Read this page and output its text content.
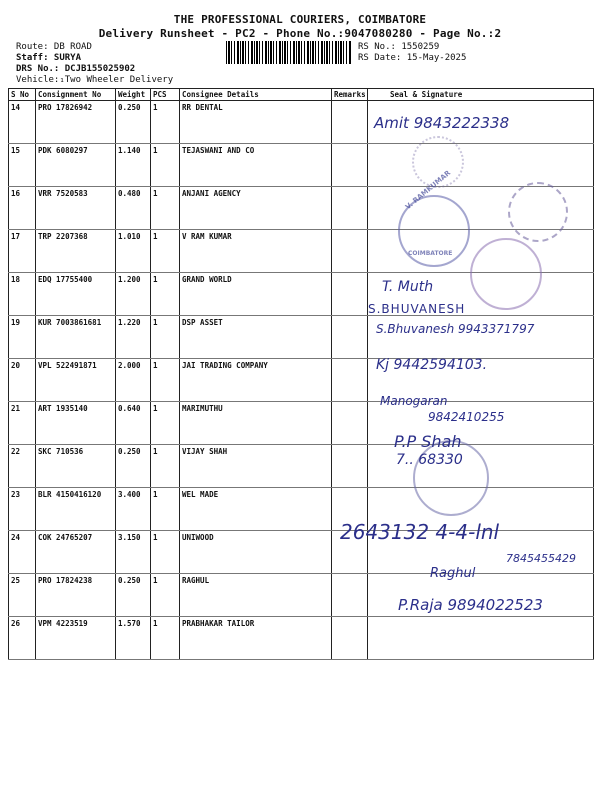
THE PROFESSIONAL COURIERS, COIMBATORE
Delivery Runsheet - PC2 - Phone No.:9047080280 - Page No.:2
Route: DB ROAD
Staff: SURYA
DRS No.: DCJB155025902
Vehicle:₁Two Wheeler Delivery
RS No.: 1550259
RS Date: 15-May-2025
S No	Consignment No	Weight	PCS	Consignee Details	Remarks	Seal & Signature
14	PRO 17826942	0.250	1	RR DENTAL		
15	PDK 6080297	1.140	1	TEJASWANI AND CO		
16	VRR 7520583	0.480	1	ANJANI AGENCY		
17	TRP 2207368	1.010	1	V RAM KUMAR		
18	EDQ 17755400	1.200	1	GRAND WORLD		
19	KUR 7003861681	1.220	1	DSP ASSET		
20	VPL 522491871	2.000	1	JAI TRADING COMPANY		
21	ART 1935140	0.640	1	MARIMUTHU		
22	SKC 710536	0.250	1	VIJAY SHAH		
23	BLR 4150416120	3.400	1	WEL MADE		
24	COK 24765207	3.150	1	UNIWOOD		
25	PRO 17824238	0.250	1	RAGHUL		
26	VPM 4223519	1.570	1	PRABHAKAR TAILOR		
V. RAMKUMAR
COIMBATORE
Amit 9843222338
T. Muth
S.BHUVANESH
S.Bhuvanesh 9943371797
Kj 9442594103.
Manogaran
9842410255
P.P Shah
7.. 68330
2643132 4-4-lnl
Raghul
7845455429
P.Raja 9894022523
